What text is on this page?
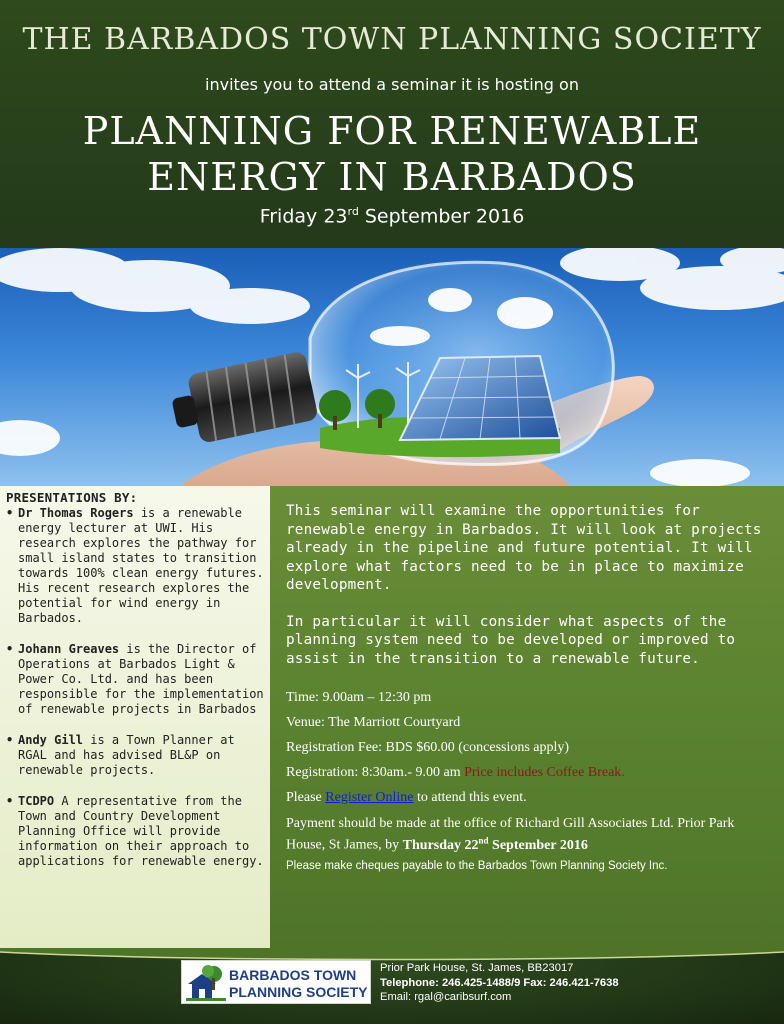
THE BARBADOS TOWN PLANNING SOCIETY
invites you to attend a seminar it is hosting on
PLANNING FOR RENEWABLE
ENERGY IN BARBADOS
Friday 23rd September 2016
PRESENTATIONS BY:
• Dr Thomas Rogers is a renewable energy lecturer at UWI. His research explores the pathway for small island states to transition towards 100% clean energy futures. His recent research explores the potential for wind energy in Barbados.
• Johann Greaves is the Director of Operations at Barbados Light & Power Co. Ltd. and has been responsible for the implementation of renewable projects in Barbados
• Andy Gill is a Town Planner at RGAL and has advised BL&P on renewable projects.
• TCDPO A representative from the Town and Country Development Planning Office will provide information on their approach to applications for renewable energy.

This seminar will examine the opportunities for renewable energy in Barbados. It will look at projects already in the pipeline and future potential. It will explore what factors need to be in place to maximize development.

In particular it will consider what aspects of the planning system need to be developed or improved to assist in the transition to a renewable future.

Time: 9.00am – 12:30 pm
Venue: The Marriott Courtyard
Registration Fee: BDS $60.00 (concessions apply)
Registration: 8:30am.- 9.00 am Price includes Coffee Break.
Please Register Online to attend this event.
Payment should be made at the office of Richard Gill Associates Ltd. Prior Park House, St James, by Thursday 22nd September 2016
Please make cheques payable to the Barbados Town Planning Society Inc.
BARBADOS TOWN
PLANNING SOCIETY
Prior Park House, St. James, BB23017
Telephone: 246.425-1488/9 Fax: 246.421-7638
Email: rgal@caribsurf.com
